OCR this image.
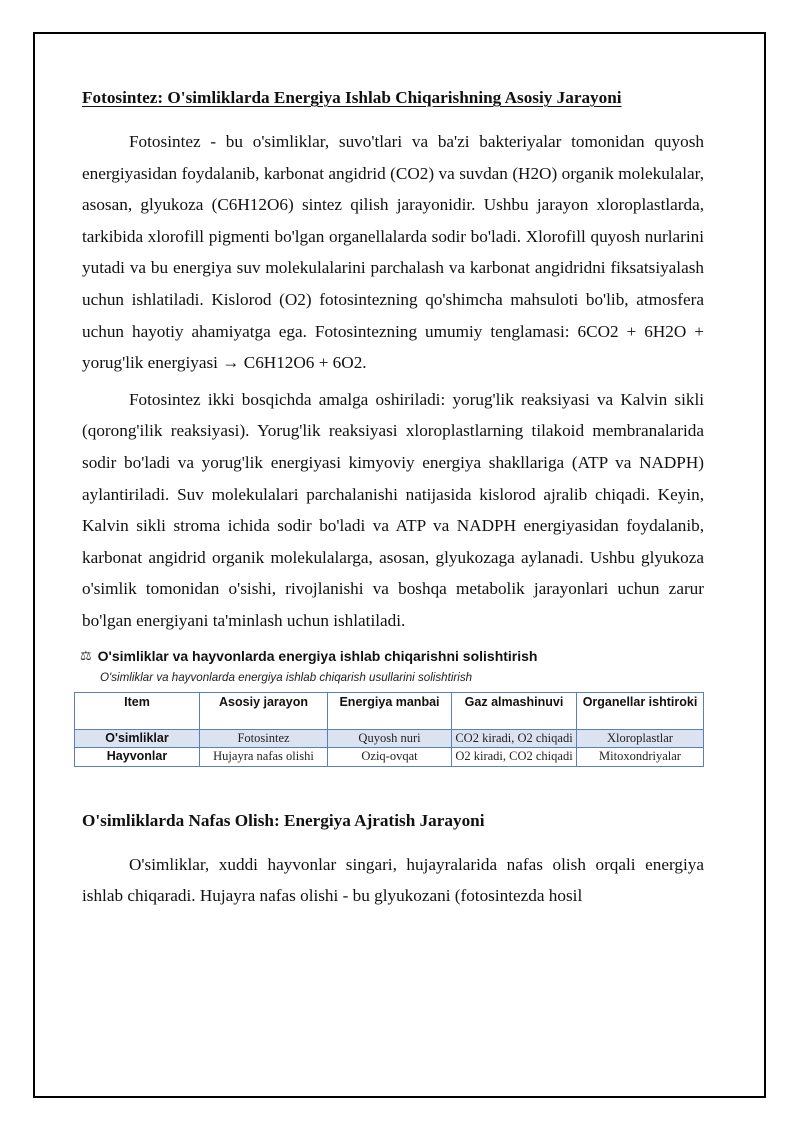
Fotosintez: O'simliklarda Energiya Ishlab Chiqarishning Asosiy Jarayoni

Fotosintez - bu o'simliklar, suvo'tlari va ba'zi bakteriyalar tomonidan quyosh energiyasidan foydalanib, karbonat angidrid (CO2) va suvdan (H2O) organik molekulalar, asosan, glyukoza (C6H12O6) sintez qilish jarayonidir. Ushbu jarayon xloroplastlarda, tarkibida xlorofill pigmenti bo'lgan organellalarda sodir bo'ladi. Xlorofill quyosh nurlarini yutadi va bu energiya suv molekulalarini parchalash va karbonat angidridni fiksatsiyalash uchun ishlatiladi. Kislorod (O2) fotosintezning qo'shimcha mahsuloti bo'lib, atmosfera uchun hayotiy ahamiyatga ega. Fotosintezning umumiy tenglamasi: 6CO2 + 6H2O + yorug'lik energiyasi → C6H12O6 + 6O2.

Fotosintez ikki bosqichda amalga oshiriladi: yorug'lik reaksiyasi va Kalvin sikli (qorong'ilik reaksiyasi). Yorug'lik reaksiyasi xloroplastlarning tilakoid membranalarida sodir bo'ladi va yorug'lik energiyasi kimyoviy energiya shakllariga (ATP va NADPH) aylantiriladi. Suv molekulalari parchalanishi natijasida kislorod ajralib chiqadi. Keyin, Kalvin sikli stroma ichida sodir bo'ladi va ATP va NADPH energiyasidan foydalanib, karbonat angidrid organik molekulalarga, asosan, glyukozaga aylanadi. Ushbu glyukoza o'simlik tomonidan o'sishi, rivojlanishi va boshqa metabolik jarayonlari uchun zarur bo'lgan energiyani ta'minlash uchun ishlatiladi.

⚖ O'simliklar va hayvonlarda energiya ishlab chiqarishni solishtirish
O'simliklar va hayvonlarda energiya ishlab chiqarish usullarini solishtirish
Item	Asosiy jarayon	Energiya manbai	Gaz almashinuvi	Organellar ishtiroki
O'simliklar	Fotosintez	Quyosh nuri	CO2 kiradi, O2 chiqadi	Xloroplastlar
Hayvonlar	Hujayra nafas olishi	Oziq-ovqat	O2 kiradi, CO2 chiqadi	Mitoxondriyalar
O'simliklarda Nafas Olish: Energiya Ajratish Jarayoni

O'simliklar, xuddi hayvonlar singari, hujayralarida nafas olish orqali energiya ishlab chiqaradi. Hujayra nafas olishi - bu glyukozani (fotosintezda hosil
